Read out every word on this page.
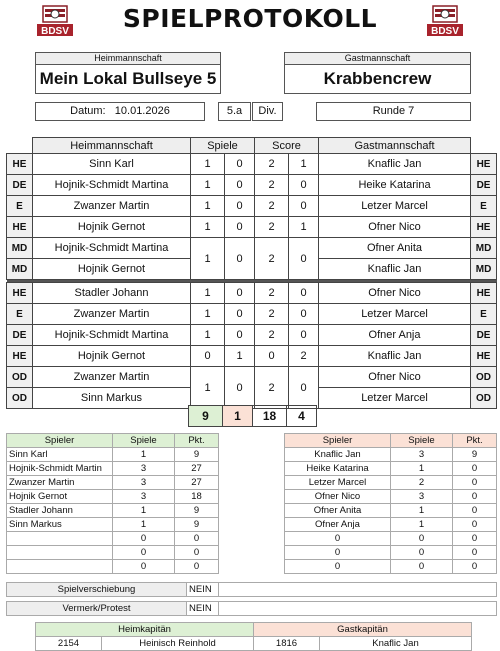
BDSV	BDSV
SPIELPROTOKOLL
Heimmannschaft	Gastmannschaft
Mein Lokal Bullseye 5	Krabbencrew
Datum: 10.01.2026	5.a	Div.	Runde 7
	Heimmannschaft	Spiele		Score		Gastmannschaft	
HE	Sinn Karl	1	0	2	1	Knaflic Jan	HE
DE	Hojnik-Schmidt Martina	1	0	2	0	Heike Katarina	DE
E	Zwanzer Martin	1	0	2	0	Letzer Marcel	E
HE	Hojnik Gernot	1	0	2	1	Ofner Nico	HE
MD	Hojnik-Schmidt Martina	1	0	2	0	Ofner Anita	MD
MD	Hojnik Gernot					Knaflic Jan	MD

HE	Stadler Johann	1	0	2	0	Ofner Nico	HE
E	Zwanzer Martin	1	0	2	0	Letzer Marcel	E
DE	Hojnik-Schmidt Martina	1	0	2	0	Ofner Anja	DE
HE	Hojnik Gernot	0	1	0	2	Knaflic Jan	HE
OD	Zwanzer Martin	1	0	2	0	Ofner Nico	OD
OD	Sinn Markus					Letzer Marcel	OD
9	1	18	4
Spieler	Spiele	Pkt.
Sinn Karl	1	9
Hojnik-Schmidt Martin	3	27
Zwanzer Martin	3	27
Hojnik Gernot	3	18
Stadler Johann	1	9
Sinn Markus	1	9
	0	0
	0	0
	0	0
Spieler	Spiele	Pkt.
Knaflic Jan	3	9
Heike Katarina	1	0
Letzer Marcel	2	0
Ofner Nico	3	0
Ofner Anita	1	0
Ofner Anja	1	0
0	0	0
0	0	0
0	0	0
Spielverschiebung	NEIN	
Vermerk/Protest	NEIN	
Heimkapitän		Gastkapitän	
2154	Heinisch Reinhold	1816	Knaflic Jan
